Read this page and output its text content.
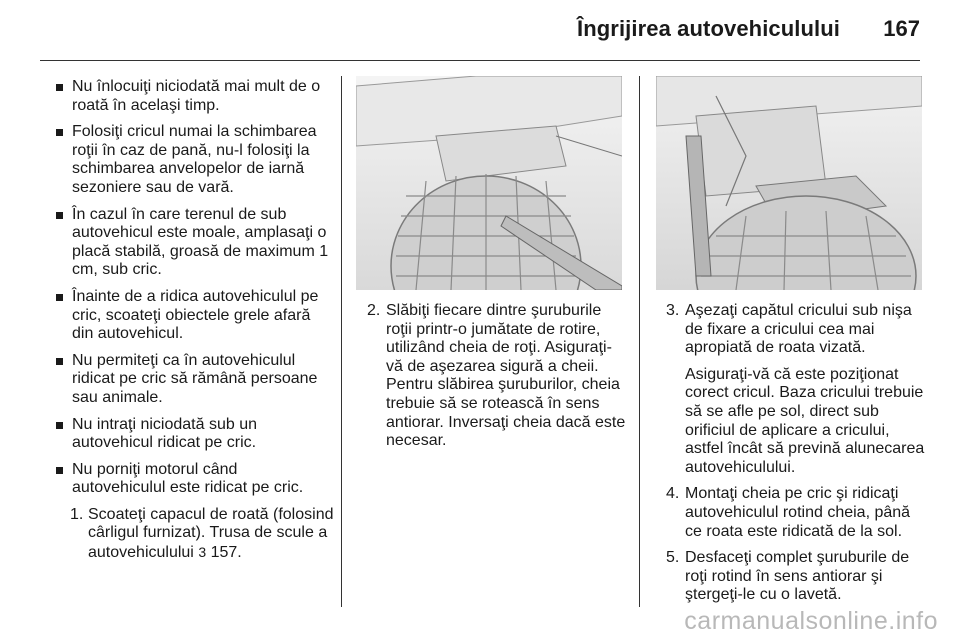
Îngrijirea autovehiculului 167
Nu înlocuiţi niciodată mai mult de o roată în acelaşi timp.
Folosiţi cricul numai la schimbarea roţii în caz de pană, nu-l folosiţi la schimbarea anvelopelor de iarnă sezoniere sau de vară.
În cazul în care terenul de sub autovehicul este moale, amplasaţi o placă stabilă, groasă de maximum 1 cm, sub cric.
Înainte de a ridica autovehiculul pe cric, scoateţi obiectele grele afară din autovehicul.
Nu permiteţi ca în autovehiculul ridicat pe cric să rămână persoane sau animale.
Nu intraţi niciodată sub un autovehicul ridicat pe cric.
Nu porniţi motorul când autovehiculul este ridicat pe cric.
1. Scoateţi capacul de roată (folosind cârligul furnizat). Trusa de scule a autovehiculului 3 157.
2. Slăbiţi fiecare dintre şuruburile roţii printr-o jumătate de rotire, utilizând cheia de roţi. Asiguraţi-vă de aşezarea sigură a cheii. Pentru slăbirea şuruburilor, cheia trebuie să se rotească în sens antiorar. Inversaţi cheia dacă este necesar.
3. Aşezaţi capătul cricului sub nişa de fixare a cricului cea mai apropiată de roata vizată.
Asiguraţi-vă că este poziţionat corect cricul. Baza cricului trebuie să se afle pe sol, direct sub orificiul de aplicare a cricului, astfel încât să prevină alunecarea autovehiculului.
4. Montaţi cheia pe cric şi ridicaţi autovehiculul rotind cheia, până ce roata este ridicată de la sol.
5. Desfaceţi complet şuruburile de roţi rotind în sens antiorar şi ştergeţi-le cu o lavetă.
carmanualsonline.info
